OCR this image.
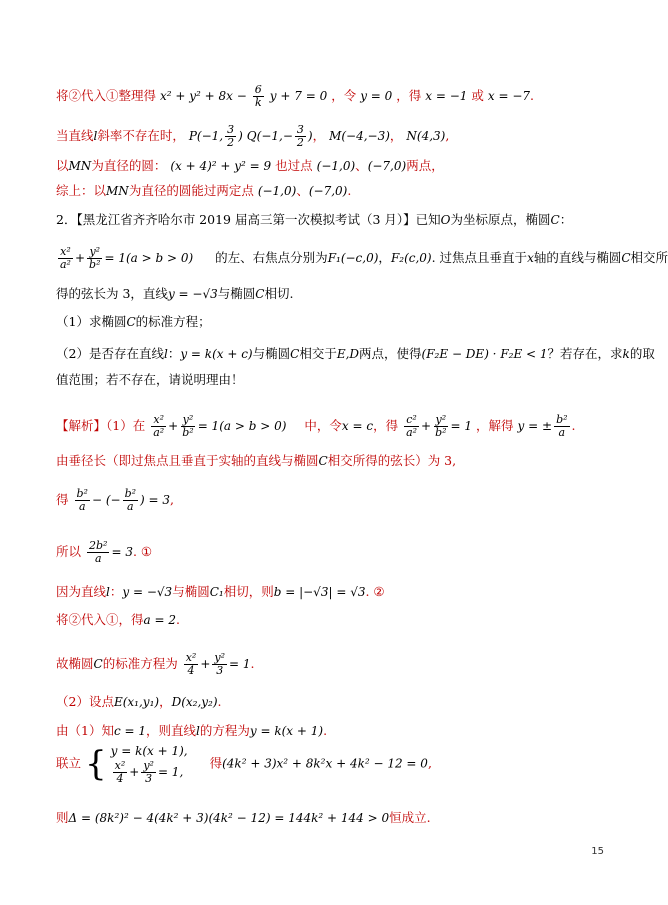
将②代入①整理得 $x^2 + y^2 + 8x - \frac{6}{k}$ y + 7 = 0 ，令 y = 0 ，得 x = −1 或 x = −7.
当直线l斜率不存在时， P(−1, $\frac{3}{2}$ ) $Q(-1,- \frac{3}{2}$ )， M(−4,−3)， N(4,3),
以MN为直径的圆： (x + 4)² + y² = 9 也过点 (−1,0)、(−7,0)两点，
综上：以MN为直径的圆能过两定点 (−1,0)、(−7,0).
2．【黑龙江省齐齐哈尔市 2019 届高三第一次模拟考试（3 月）】已知O为坐标原点，椭圆C：
$\frac{\text{x²}}{\text{a²}} + \frac{\text{y²}}{\text{b²}} = 1(a > b > 0)$ 的左、右焦点分别为F₁(−c,0)，F₂(c,0). 过焦点且垂直于x轴的直线与椭圆C相交所
得的弦长为 3，直线y = −√3与椭圆C相切.
（1）求椭圆C的标准方程；
（2）是否存在直线l：y = k(x + c)与椭圆C相交于E,D两点，使得(F₂E − DE) · F₂E < 1？若存在，求k的取
值范围；若不存在，请说明理由！
【解析】（1）在 $\frac{\text{x²}}{\text{a²}} + \frac{\text{y²}}{\text{b²}} = 1(a > b > 0)$ 中，令x = c，得 $\frac{\text{c²}}{\text{a²}} + \frac{\text{y²}}{\text{b²}} = 1$ ，解得 y = ± $\frac{\text{b²}}{a}$ .
由垂径长（即过焦点且垂直于实轴的直线与椭圆C相交所得的弦长）为 3,
得 $\frac{\text{b²}}{a}$ − (− $\frac{\text{b²}}{a}$ ) = 3,
所以 $\frac{\text{2b²}}{a} = 3$. ①
因为直线l：y = −√3与椭圆C₁相切，则b = |−√3| = √3. ②
将②代入①，得a = 2.
故椭圆C的标准方程为 $\frac{\text{x²}}{4} + \frac{\text{y²}}{3} = 1$.
（2）设点E(x₁,y₁)，D(x₂,y₂).
由（1）知c = 1，则直线l的方程为y = k(x + 1).
联立 { y = k(x + 1),
$\frac{\text{x²}}{4} + \frac{\text{y²}}{3} = 1$,
得(4k² + 3)x² + 8k²x + 4k² − 12 = 0,
则Δ = (8k²)² − 4(4k² + 3)(4k² − 12) = 144k² + 144 > 0恒成立.
15
